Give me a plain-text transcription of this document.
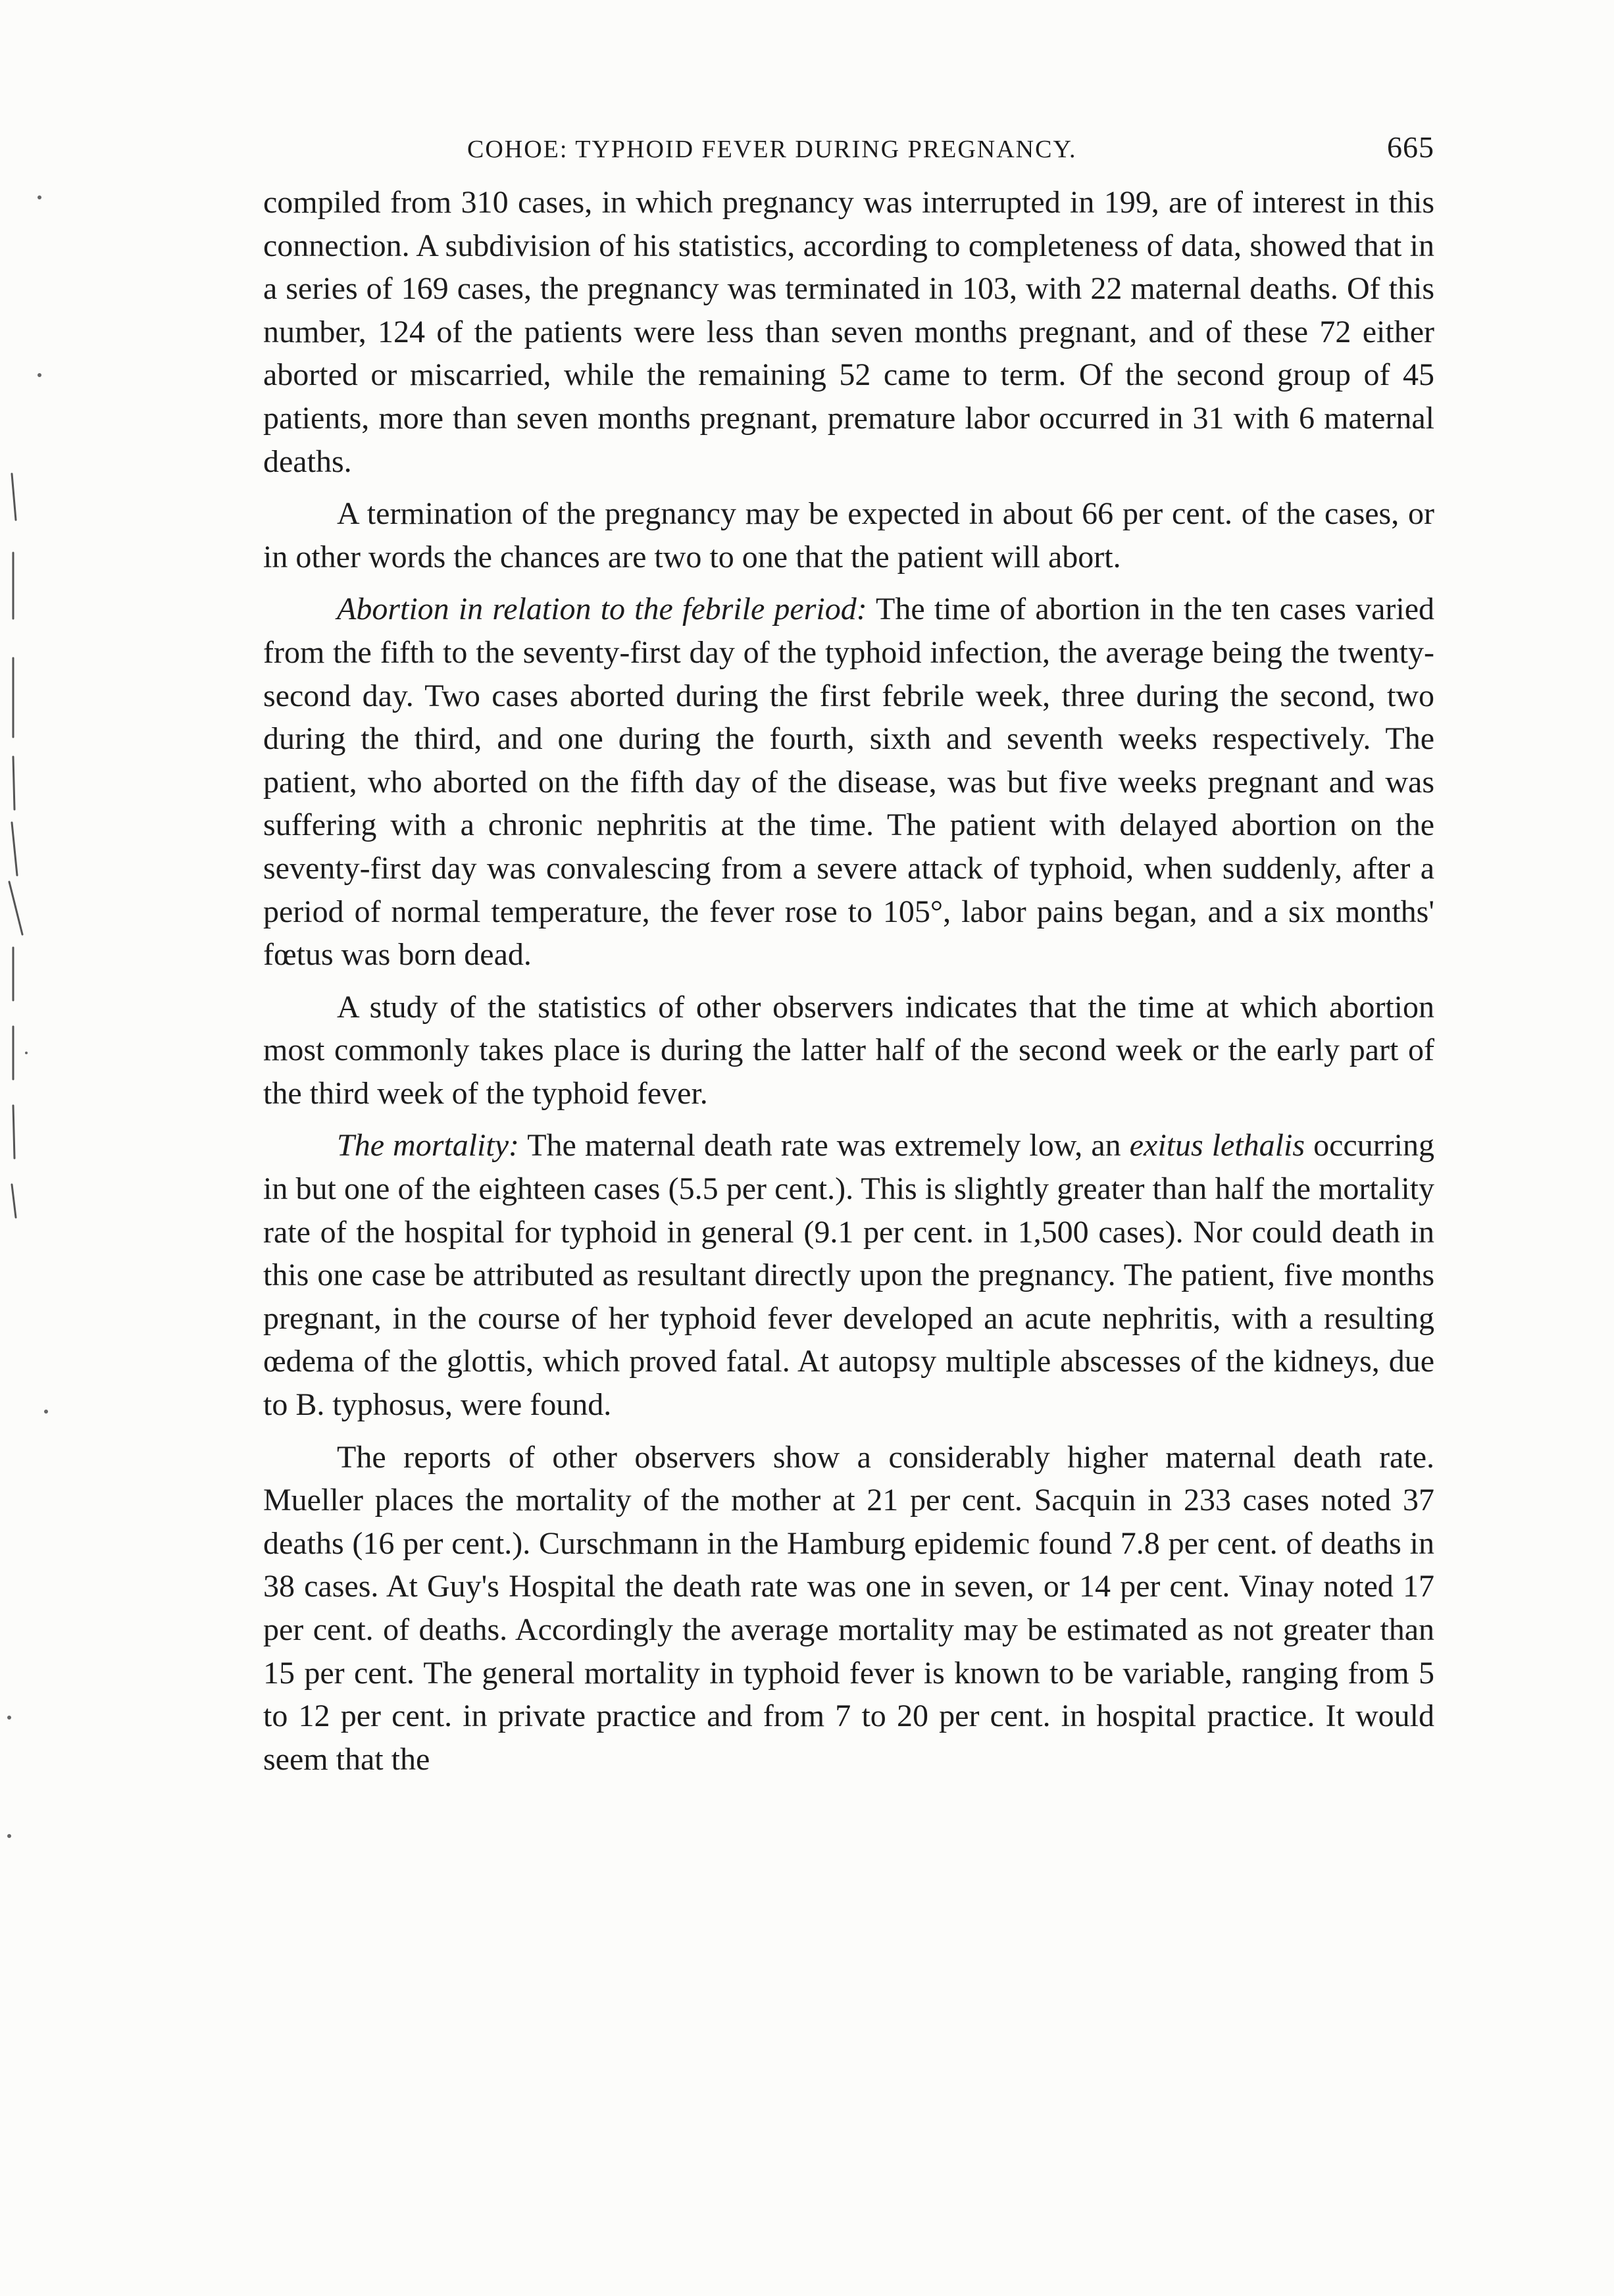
COHOE: TYPHOID FEVER DURING PREGNANCY.	665

compiled from 310 cases, in which pregnancy was interrupted in 199, are of interest in this connection. A subdivision of his statistics, according to completeness of data, showed that in a series of 169 cases, the pregnancy was terminated in 103, with 22 maternal deaths. Of this number, 124 of the patients were less than seven months pregnant, and of these 72 either aborted or miscarried, while the remaining 52 came to term. Of the second group of 45 patients, more than seven months pregnant, premature labor occurred in 31 with 6 maternal deaths.

A termination of the pregnancy may be expected in about 66 per cent. of the cases, or in other words the chances are two to one that the patient will abort.

Abortion in relation to the febrile period: The time of abortion in the ten cases varied from the fifth to the seventy-first day of the typhoid infection, the average being the twenty-second day. Two cases aborted during the first febrile week, three during the second, two during the third, and one during the fourth, sixth and seventh weeks respectively. The patient, who aborted on the fifth day of the disease, was but five weeks pregnant and was suffering with a chronic nephritis at the time. The patient with delayed abortion on the seventy-first day was convalescing from a severe attack of typhoid, when suddenly, after a period of normal temperature, the fever rose to 105°, labor pains began, and a six months' fœtus was born dead.

A study of the statistics of other observers indicates that the time at which abortion most commonly takes place is during the latter half of the second week or the early part of the third week of the typhoid fever.

The mortality: The maternal death rate was extremely low, an exitus lethalis occurring in but one of the eighteen cases (5.5 per cent.). This is slightly greater than half the mortality rate of the hospital for typhoid in general (9.1 per cent. in 1,500 cases). Nor could death in this one case be attributed as resultant directly upon the pregnancy. The patient, five months pregnant, in the course of her typhoid fever developed an acute nephritis, with a resulting œdema of the glottis, which proved fatal. At autopsy multiple abscesses of the kidneys, due to B. typhosus, were found.

The reports of other observers show a considerably higher maternal death rate. Mueller places the mortality of the mother at 21 per cent. Sacquin in 233 cases noted 37 deaths (16 per cent.). Curschmann in the Hamburg epidemic found 7.8 per cent. of deaths in 38 cases. At Guy's Hospital the death rate was one in seven, or 14 per cent. Vinay noted 17 per cent. of deaths. Accordingly the average mortality may be estimated as not greater than 15 per cent. The general mortality in typhoid fever is known to be variable, ranging from 5 to 12 per cent. in private practice and from 7 to 20 per cent. in hospital practice. It would seem that the
